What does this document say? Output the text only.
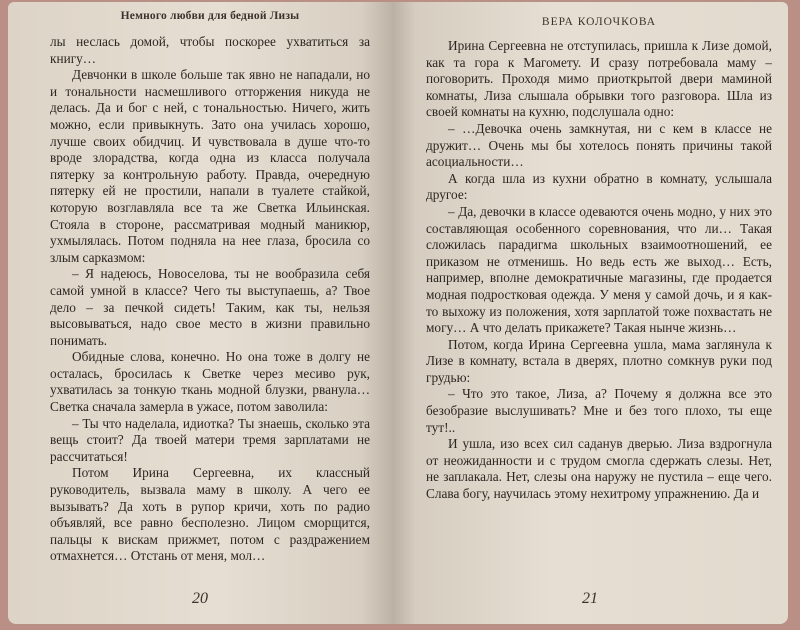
Немного любви для бедной Лизы

лы неслась домой, чтобы поскорее ухватиться за книгу…

Девчонки в школе больше так явно не нападали, но и тональности насмешливого отторжения никуда не делась. Да и бог с ней, с тональностью. Ничего, жить можно, если привыкнуть. Зато она училась хорошо, лучше своих обидчиц. И чувствовала в душе что-то вроде злорадства, когда одна из класса получала пятерку за контрольную работу. Правда, очередную пятерку ей не простили, напали в туалете стайкой, которую возглавляла все та же Светка Ильинская. Стояла в стороне, рассматривая модный маникюр, ухмылялась. Потом подняла на нее глаза, бросила со злым сарказмом:

– Я надеюсь, Новоселова, ты не вообразила себя самой умной в классе? Чего ты выступаешь, а? Твое дело – за печкой сидеть! Таким, как ты, нельзя высовываться, надо свое место в жизни правильно понимать.

Обидные слова, конечно. Но она тоже в долгу не осталась, бросилась к Светке через месиво рук, ухватилась за тонкую ткань модной блузки, рванула… Светка сначала замерла в ужасе, потом заволила:

– Ты что наделала, идиотка? Ты знаешь, сколько эта вещь стоит? Да твоей матери тремя зарплатами не рассчитаться!

Потом Ирина Сергеевна, их классный руководитель, вызвала маму в школу. А чего ее вызывать? Да хоть в рупор кричи, хоть по радио объявляй, все равно бесполезно. Лицом сморщится, пальцы к вискам прижмет, потом с раздражением отмахнется… Отстань от меня, мол…

20
ВЕРА КОЛОЧКОВА

Ирина Сергеевна не отступилась, пришла к Лизе домой, как та гора к Магомету. И сразу потребовала маму – поговорить. Проходя мимо приоткрытой двери маминой комнаты, Лиза слышала обрывки того разговора. Шла из своей комнаты на кухню, подслушала одно:

– …Девочка очень замкнутая, ни с кем в классе не дружит… Очень мы бы хотелось понять причины такой асоциальности…

А когда шла из кухни обратно в комнату, услышала другое:

– Да, девочки в классе одеваются очень модно, у них это составляющая особенного соревнования, что ли… Такая сложилась парадигма школьных взаимоотношений, ее приказом не отменишь. Но ведь есть же выход… Есть, например, вполне демократичные магазины, где продается модная подростковая одежда. У меня у самой дочь, и я как-то выхожу из положения, хотя зарплатой тоже похвастать не могу… А что делать прикажете? Такая нынче жизнь…

Потом, когда Ирина Сергеевна ушла, мама заглянула к Лизе в комнату, встала в дверях, плотно сомкнув руки под грудью:

– Что это такое, Лиза, а? Почему я должна все это безобразие выслушивать? Мне и без того плохо, ты еще тут!..

И ушла, изо всех сил саданув дверью. Лиза вздрогнула от неожиданности и с трудом смогла сдержать слезы. Нет, не заплакала. Нет, слезы она наружу не пустила – еще чего. Слава богу, научилась этому нехитрому упражнению. Да и

21
